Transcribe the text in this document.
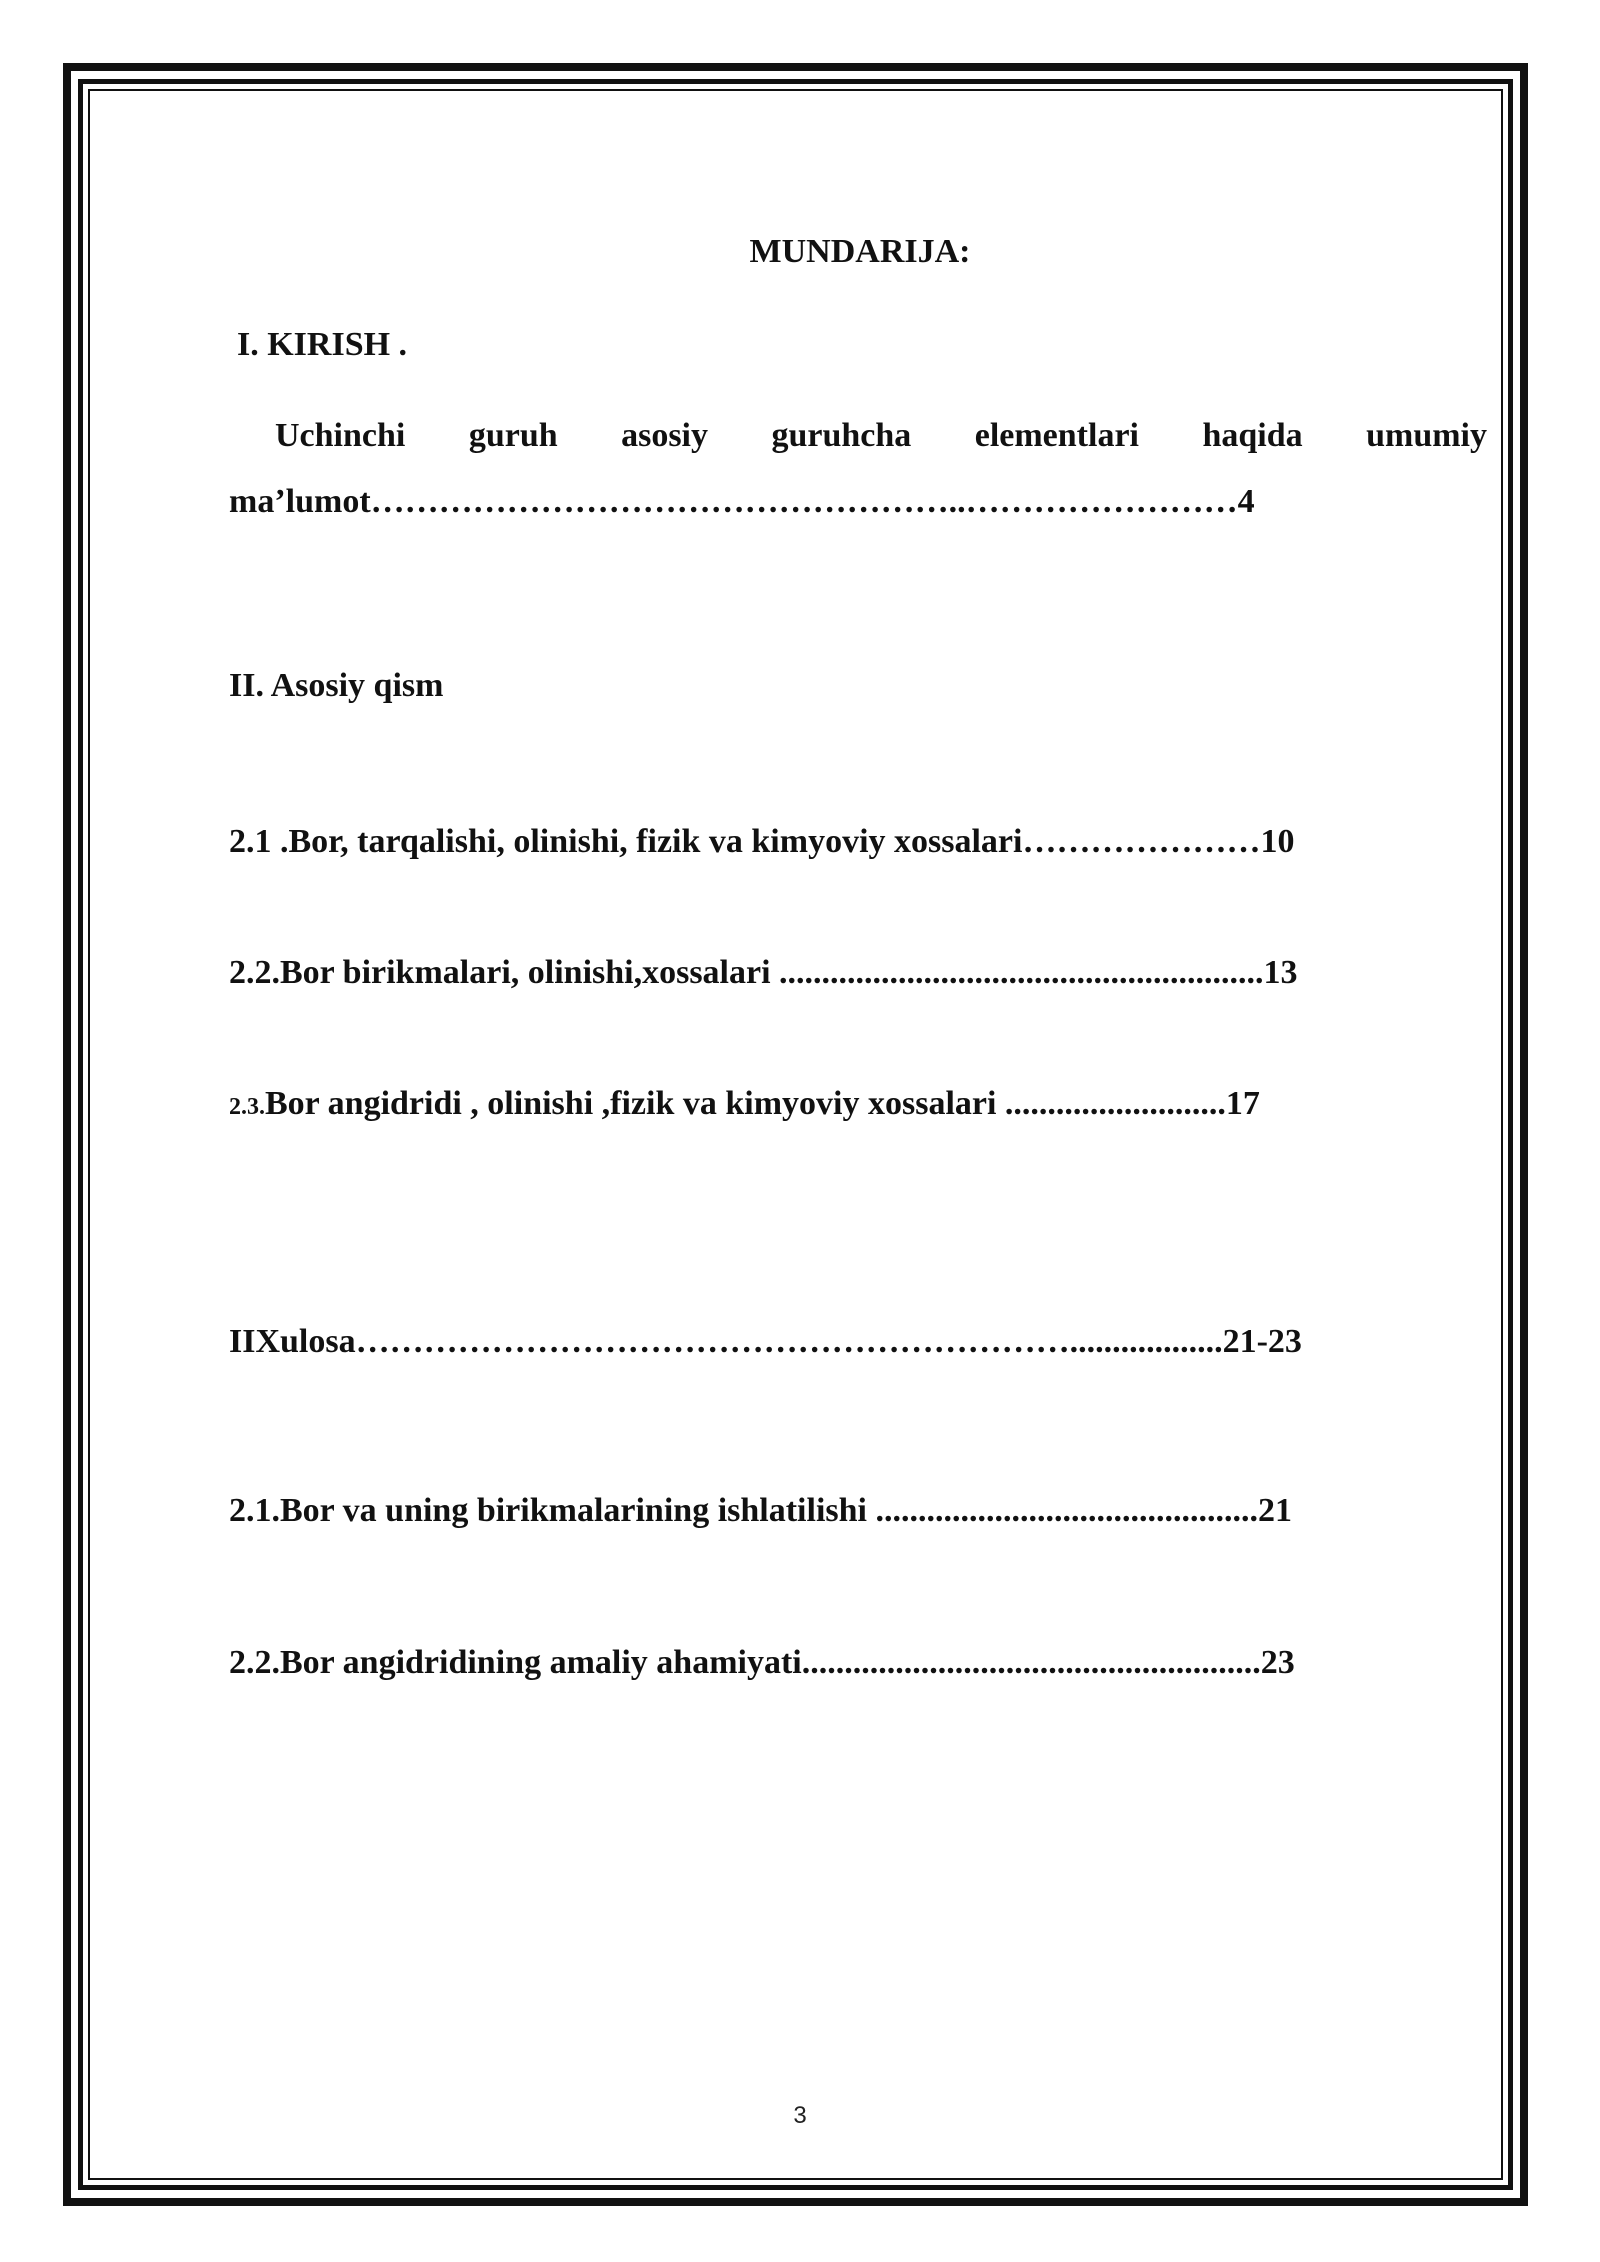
MUNDARIJA:
I. KIRISH .
Uchinchi guruh asosiy guruhcha elementlari haqida umumiy
ma’lumot……………………………………………..……………………4
II. Asosiy qism
2.1 .Bor, tarqalishi, olinishi, fizik va kimyoviy xossalari…………………10
2.2.Bor birikmalari, olinishi,xossalari .........................................................13
2.3.Bor angidridi , olinishi ,fizik va kimyoviy xossalari ..........................17
IIXulosa………………………………………………………..................21-23
2.1.Bor va uning birikmalarining ishlatilishi .............................................21
2.2.Bor angidridining amaliy ahamiyati......................................................23
3
